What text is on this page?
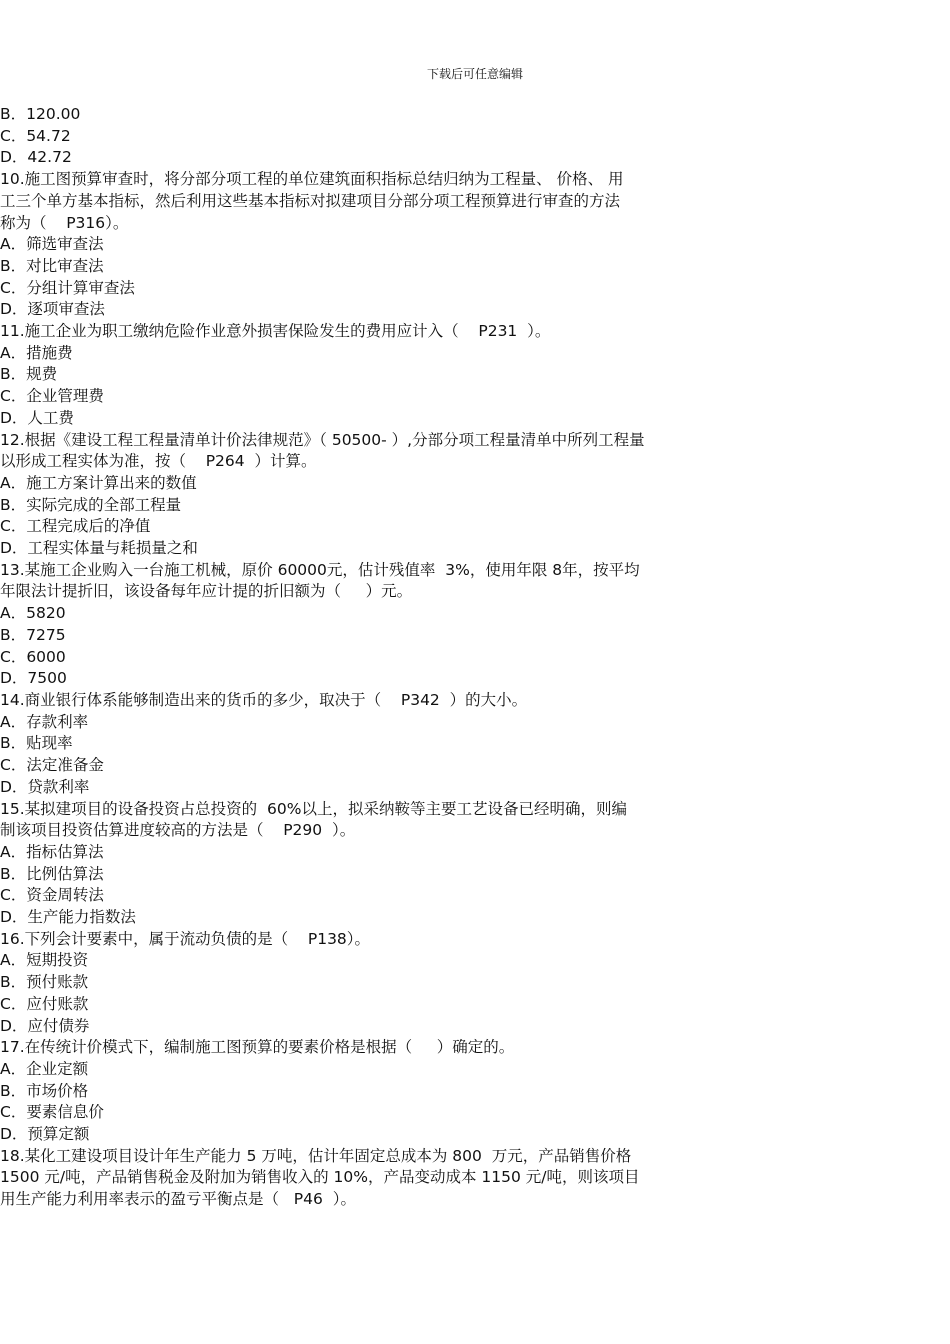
下载后可任意编辑
B．120.00
C．54.72
D．42.72
10.施工图预算审查时，将分部分项工程的单位建筑面积指标总结归纳为工程量、 价格、 用
工三个单方基本指标，然后利用这些基本指标对拟建项目分部分项工程预算进行审查的方法
称为（    P316）。
A．筛选审查法
B．对比审查法
C．分组计算审查法
D．逐项审查法
11.施工企业为职工缴纳危险作业意外损害保险发生的费用应计入（    P231  ）。
A．措施费
B．规费
C．企业管理费
D．人工费
12.根据《建设工程工程量清单计价法律规范》（ 50500- ）,分部分项工程量清单中所列工程量
以形成工程实体为准，按（    P264  ）计算。
A．施工方案计算出来的数值
B．实际完成的全部工程量
C．工程完成后的净值
D．工程实体量与耗损量之和
13.某施工企业购入一台施工机械，原价 60000元，估计残值率  3%，使用年限 8年，按平均
年限法计提折旧，该设备每年应计提的折旧额为（     ）元。
A．5820
B．7275
C．6000
D．7500
14.商业银行体系能够制造出来的货币的多少，取决于（    P342  ）的大小。
A．存款利率
B．贴现率
C．法定准备金
D．贷款利率
15.某拟建项目的设备投资占总投资的  60%以上，拟采纳鞍等主要工艺设备已经明确，则编
制该项目投资估算进度较高的方法是（    P290  ）。
A．指标估算法
B．比例估算法
C．资金周转法
D．生产能力指数法
16.下列会计要素中，属于流动负债的是（    P138）。
A．短期投资
B．预付账款
C．应付账款
D．应付债券
17.在传统计价模式下，编制施工图预算的要素价格是根据（     ）确定的。
A．企业定额
B．市场价格
C．要素信息价
D．预算定额
18.某化工建设项目设计年生产能力 5 万吨，估计年固定总成本为 800  万元，产品销售价格
1500 元/吨，产品销售税金及附加为销售收入的 10%，产品变动成本 1150 元/吨，则该项目
用生产能力利用率表示的盈亏平衡点是（   P46  ）。
